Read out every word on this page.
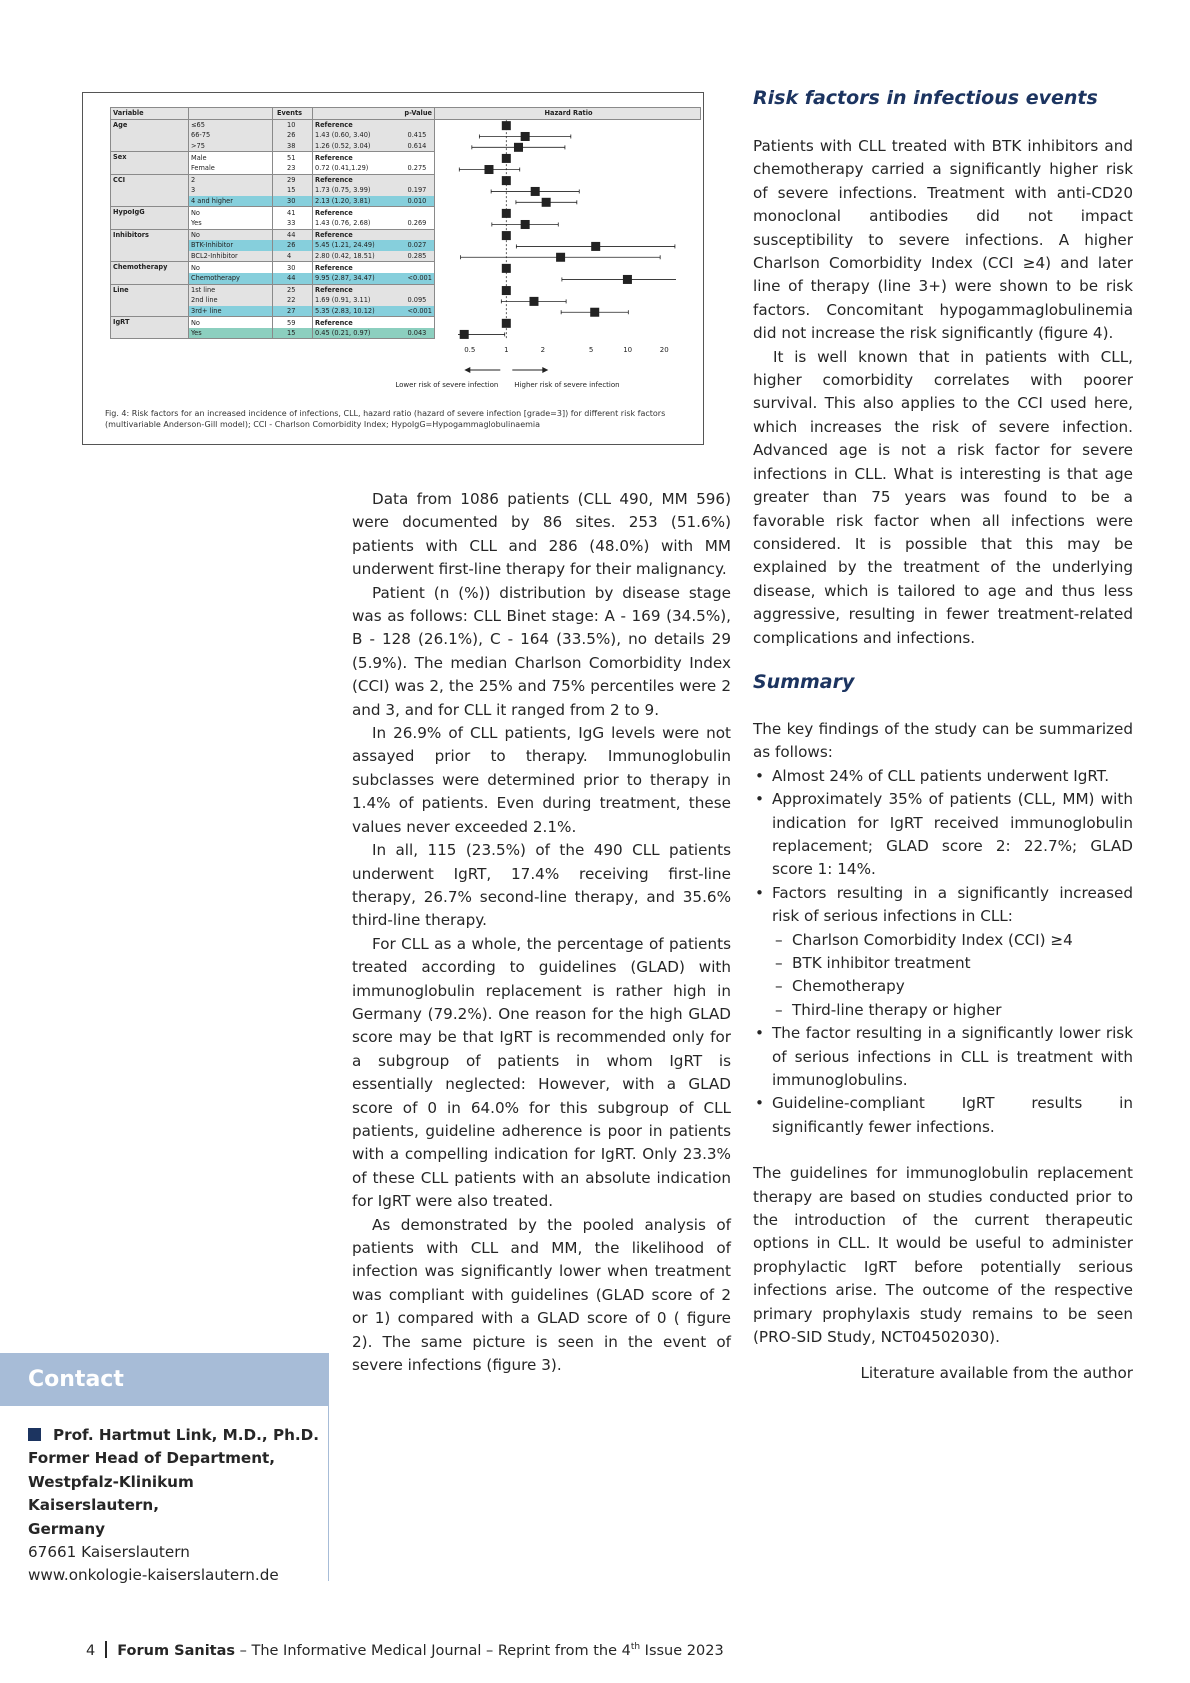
Variable		Events		p-Value	Hazard Ratio
Age	≤65	10	Reference		
	66-75	26	1.43 (0.60, 3.40)	0.415	
	>75	38	1.26 (0.52, 3.04)	0.614	
Sex	Male	51	Reference		
	Female	23	0.72 (0.41,1.29)	0.275	
CCI	2	29	Reference		
	3	15	1.73 (0.75, 3.99)	0.197	
	4 and higher	30	2.13 (1.20, 3.81)	0.010	
HypoIgG	No	41	Reference		
	Yes	33	1.43 (0.76, 2.68)	0.269	
Inhibitors	No	44	Reference		
	BTK-Inhibitor	26	5.45 (1.21, 24.49)	0.027	
	BCL2-Inhibitor	4	2.80 (0.42, 18.51)	0.285	
Chemotherapy	No	30	Reference		
	Chemotherapy	44	9.95 (2.87, 34.47)	<0.001	
Line	1st line	25	Reference		
	2nd line	22	1.69 (0.91, 3.11)	0.095	
	3rd+ line	27	5.35 (2.83, 10.12)	<0.001	
IgRT	No	59	Reference		
	Yes	15	0.45 (0.21, 0.97)	0.043	
0.5	1	2	5	10	20
Lower risk of severe infection Higher risk of severe infection
Fig. 4: Risk factors for an increased incidence of infections, CLL, hazard ratio (hazard of severe infection [grade=3]) for different risk factors (multivariable Anderson-Gill model); CCI - Charlson Comorbidity Index; HypoIgG=Hypogammaglobulinaemia

Data from 1086 patients (CLL 490, MM 596) were documented by 86 sites. 253 (51.6%) patients with CLL and 286 (48.0%) with MM underwent first-line therapy for their malignancy.

Patient (n (%)) distribution by disease stage was as follows: CLL Binet stage: A - 169 (34.5%), B - 128 (26.1%), C - 164 (33.5%), no details 29 (5.9%). The median Charlson Comorbidity Index (CCI) was 2, the 25% and 75% percentiles were 2 and 3, and for CLL it ranged from 2 to 9.

In 26.9% of CLL patients, IgG levels were not assayed prior to therapy. Immunoglobulin subclasses were determined prior to therapy in 1.4% of patients. Even during treatment, these values never exceeded 2.1%.

In all, 115 (23.5%) of the 490 CLL patients underwent IgRT, 17.4% receiving first-line therapy, 26.7% second-line therapy, and 35.6% third-line therapy.

For CLL as a whole, the percentage of patients treated according to guidelines (GLAD) with immunoglobulin replacement is rather high in Germany (79.2%). One reason for the high GLAD score may be that IgRT is recommended only for a subgroup of patients in whom IgRT is essentially neglected: However, with a GLAD score of 0 in 64.0% for this subgroup of CLL patients, guideline adherence is poor in patients with a compelling indication for IgRT. Only 23.3% of these CLL patients with an absolute indication for IgRT were also treated.

As demonstrated by the pooled analysis of patients with CLL and MM, the likelihood of infection was significantly lower when treatment was compliant with guidelines (GLAD score of 2 or 1) compared with a GLAD score of 0 ( figure 2). The same picture is seen in the event of severe infections (figure 3).

Risk factors in infectious events

Patients with CLL treated with BTK inhibitors and chemotherapy carried a significantly higher risk of severe infections. Treatment with anti-CD20 monoclonal antibodies did not impact susceptibility to severe infections. A higher Charlson Comorbidity Index (CCI ≥4) and later line of therapy (line 3+) were shown to be risk factors. Concomitant hypogammaglobulinemia did not increase the risk significantly (figure 4).

It is well known that in patients with CLL, higher comorbidity correlates with poorer survival. This also applies to the CCI used here, which increases the risk of severe infection. Advanced age is not a risk factor for severe infections in CLL. What is interesting is that age greater than 75 years was found to be a favorable risk factor when all infections were considered. It is possible that this may be explained by the treatment of the underlying disease, which is tailored to age and thus less aggressive, resulting in fewer treatment-related complications and infections.

Summary

The key findings of the study can be summarized as follows:

• Almost 24% of CLL patients underwent IgRT.
• Approximately 35% of patients (CLL, MM) with indication for IgRT received immunoglobulin replacement; GLAD score 2: 22.7%; GLAD score 1: 14%.
• Factors resulting in a significantly increased risk of serious infections in CLL:
– Charlson Comorbidity Index (CCI) ≥4
– BTK inhibitor treatment
– Chemotherapy
– Third-line therapy or higher
• The factor resulting in a significantly lower risk of serious infections in CLL is treatment with immunoglobulins.
• Guideline-compliant IgRT results in significantly fewer infections.

The guidelines for immunoglobulin replacement therapy are based on studies conducted prior to the introduction of the current therapeutic options in CLL. It would be useful to administer prophylactic IgRT before potentially serious infections arise. The outcome of the respective primary prophylaxis study remains to be seen (PRO-SID Study, NCT04502030).

Literature available from the author

Contact
Prof. Hartmut Link, M.D., Ph.D.
Former Head of Department,
Westpfalz-Klinikum Kaiserslautern,
Germany
67661 Kaiserslautern
www.onkologie-kaiserslautern.de
4 Forum Sanitas – The Informative Medical Journal – Reprint from the 4th Issue 2023
